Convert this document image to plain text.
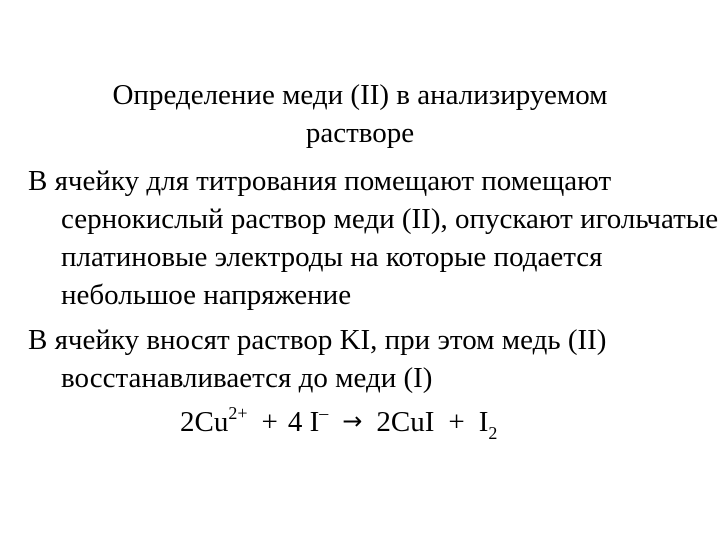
Определение меди (II) в анализируемом
растворе

В ячейку для титрования помещают помещают сернокислый раствор меди (II), опускают игольчатые платиновые электроды на которые подается небольшое напряжение

В ячейку вносят раствор KI, при этом медь (II) восстанавливается до меди (I)

$2Cu^{2+} + 4$ $I^- \to 2CuI + I_2$
